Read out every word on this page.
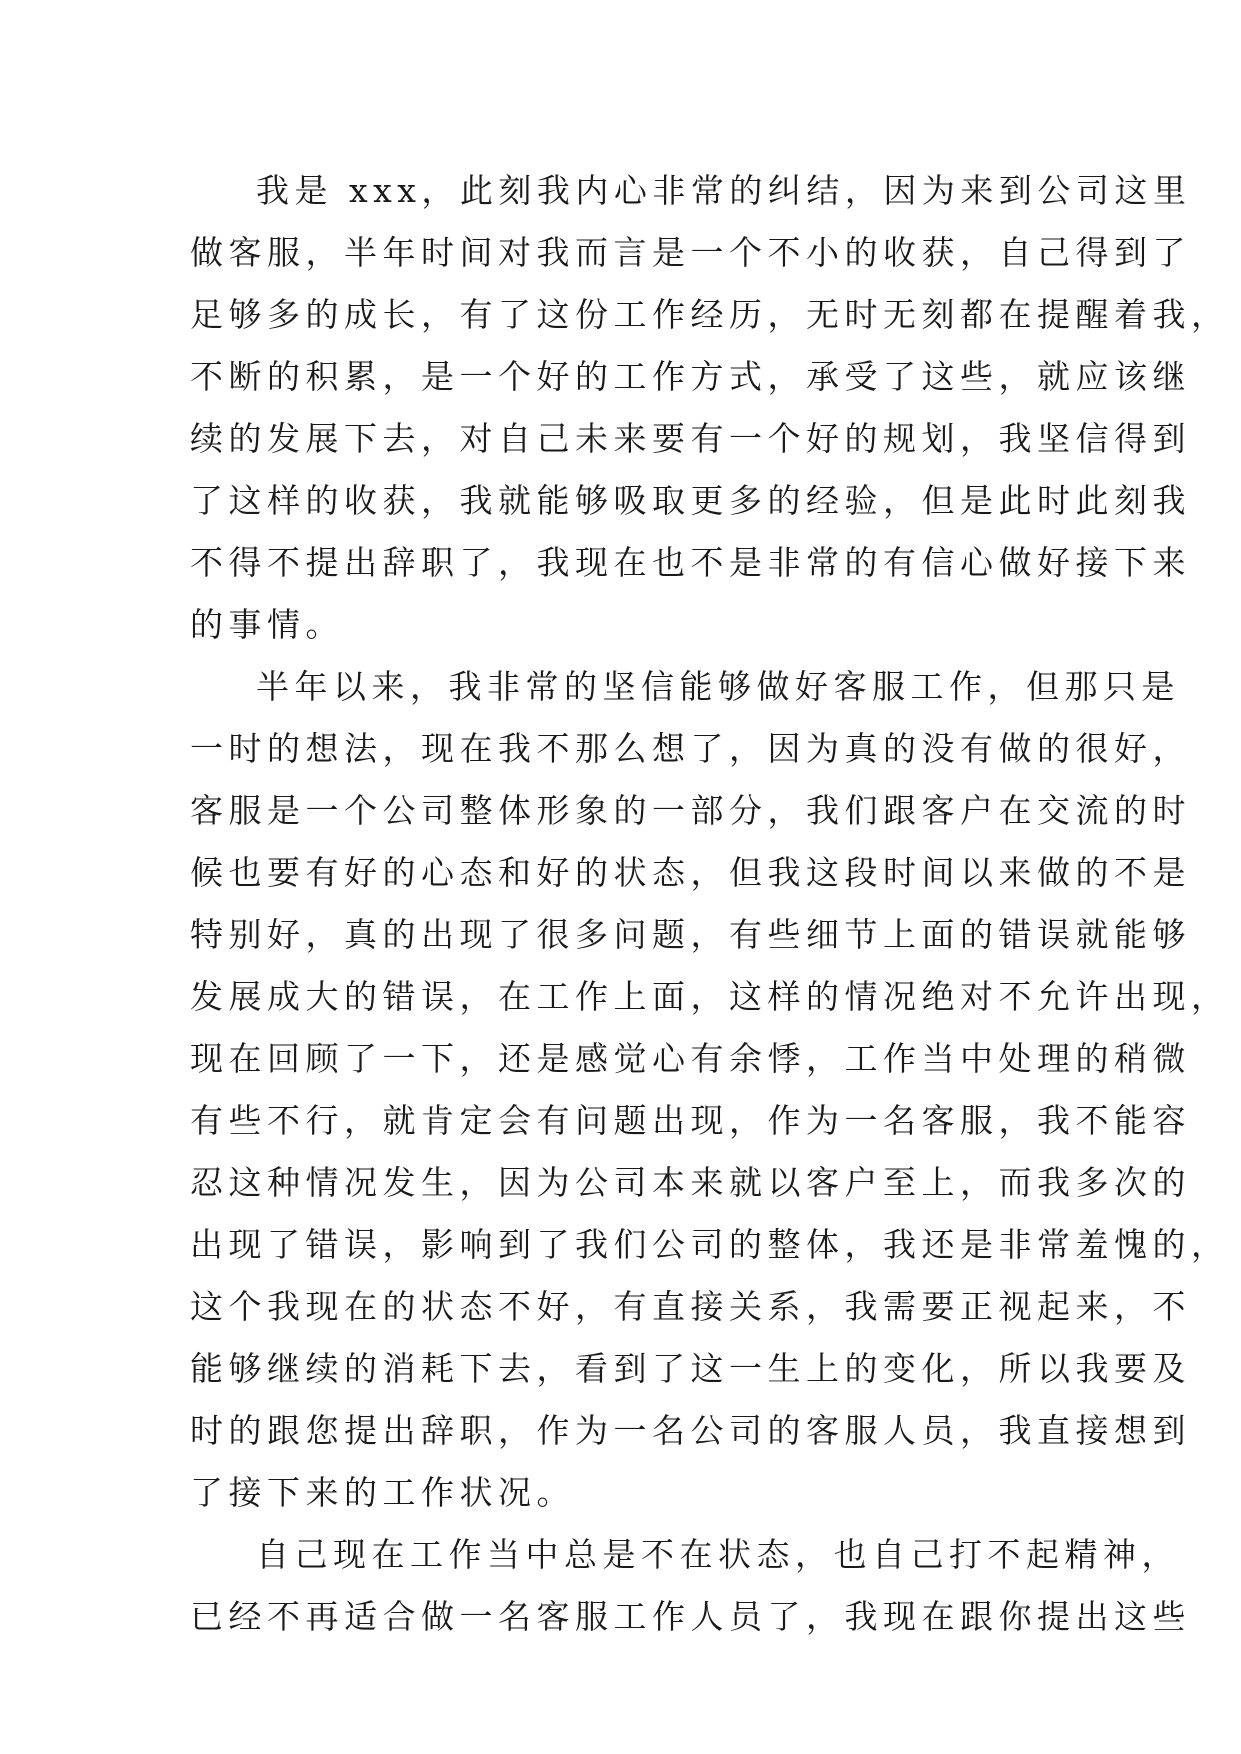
我是 xxx，此刻我内心非常的纠结，因为来到公司这里
做客服，半年时间对我而言是一个不小的收获，自己得到了
足够多的成长，有了这份工作经历，无时无刻都在提醒着我，
不断的积累，是一个好的工作方式，承受了这些，就应该继
续的发展下去，对自己未来要有一个好的规划，我坚信得到
了这样的收获，我就能够吸取更多的经验，但是此时此刻我
不得不提出辞职了，我现在也不是非常的有信心做好接下来
的事情。
半年以来，我非常的坚信能够做好客服工作，但那只是
一时的想法，现在我不那么想了，因为真的没有做的很好，
客服是一个公司整体形象的一部分，我们跟客户在交流的时
候也要有好的心态和好的状态，但我这段时间以来做的不是
特别好，真的出现了很多问题，有些细节上面的错误就能够
发展成大的错误，在工作上面，这样的情况绝对不允许出现，
现在回顾了一下，还是感觉心有余悸，工作当中处理的稍微
有些不行，就肯定会有问题出现，作为一名客服，我不能容
忍这种情况发生，因为公司本来就以客户至上，而我多次的
出现了错误，影响到了我们公司的整体，我还是非常羞愧的，
这个我现在的状态不好，有直接关系，我需要正视起来，不
能够继续的消耗下去，看到了这一生上的变化，所以我要及
时的跟您提出辞职，作为一名公司的客服人员，我直接想到
了接下来的工作状况。
自己现在工作当中总是不在状态，也自己打不起精神，
已经不再适合做一名客服工作人员了，我现在跟你提出这些
